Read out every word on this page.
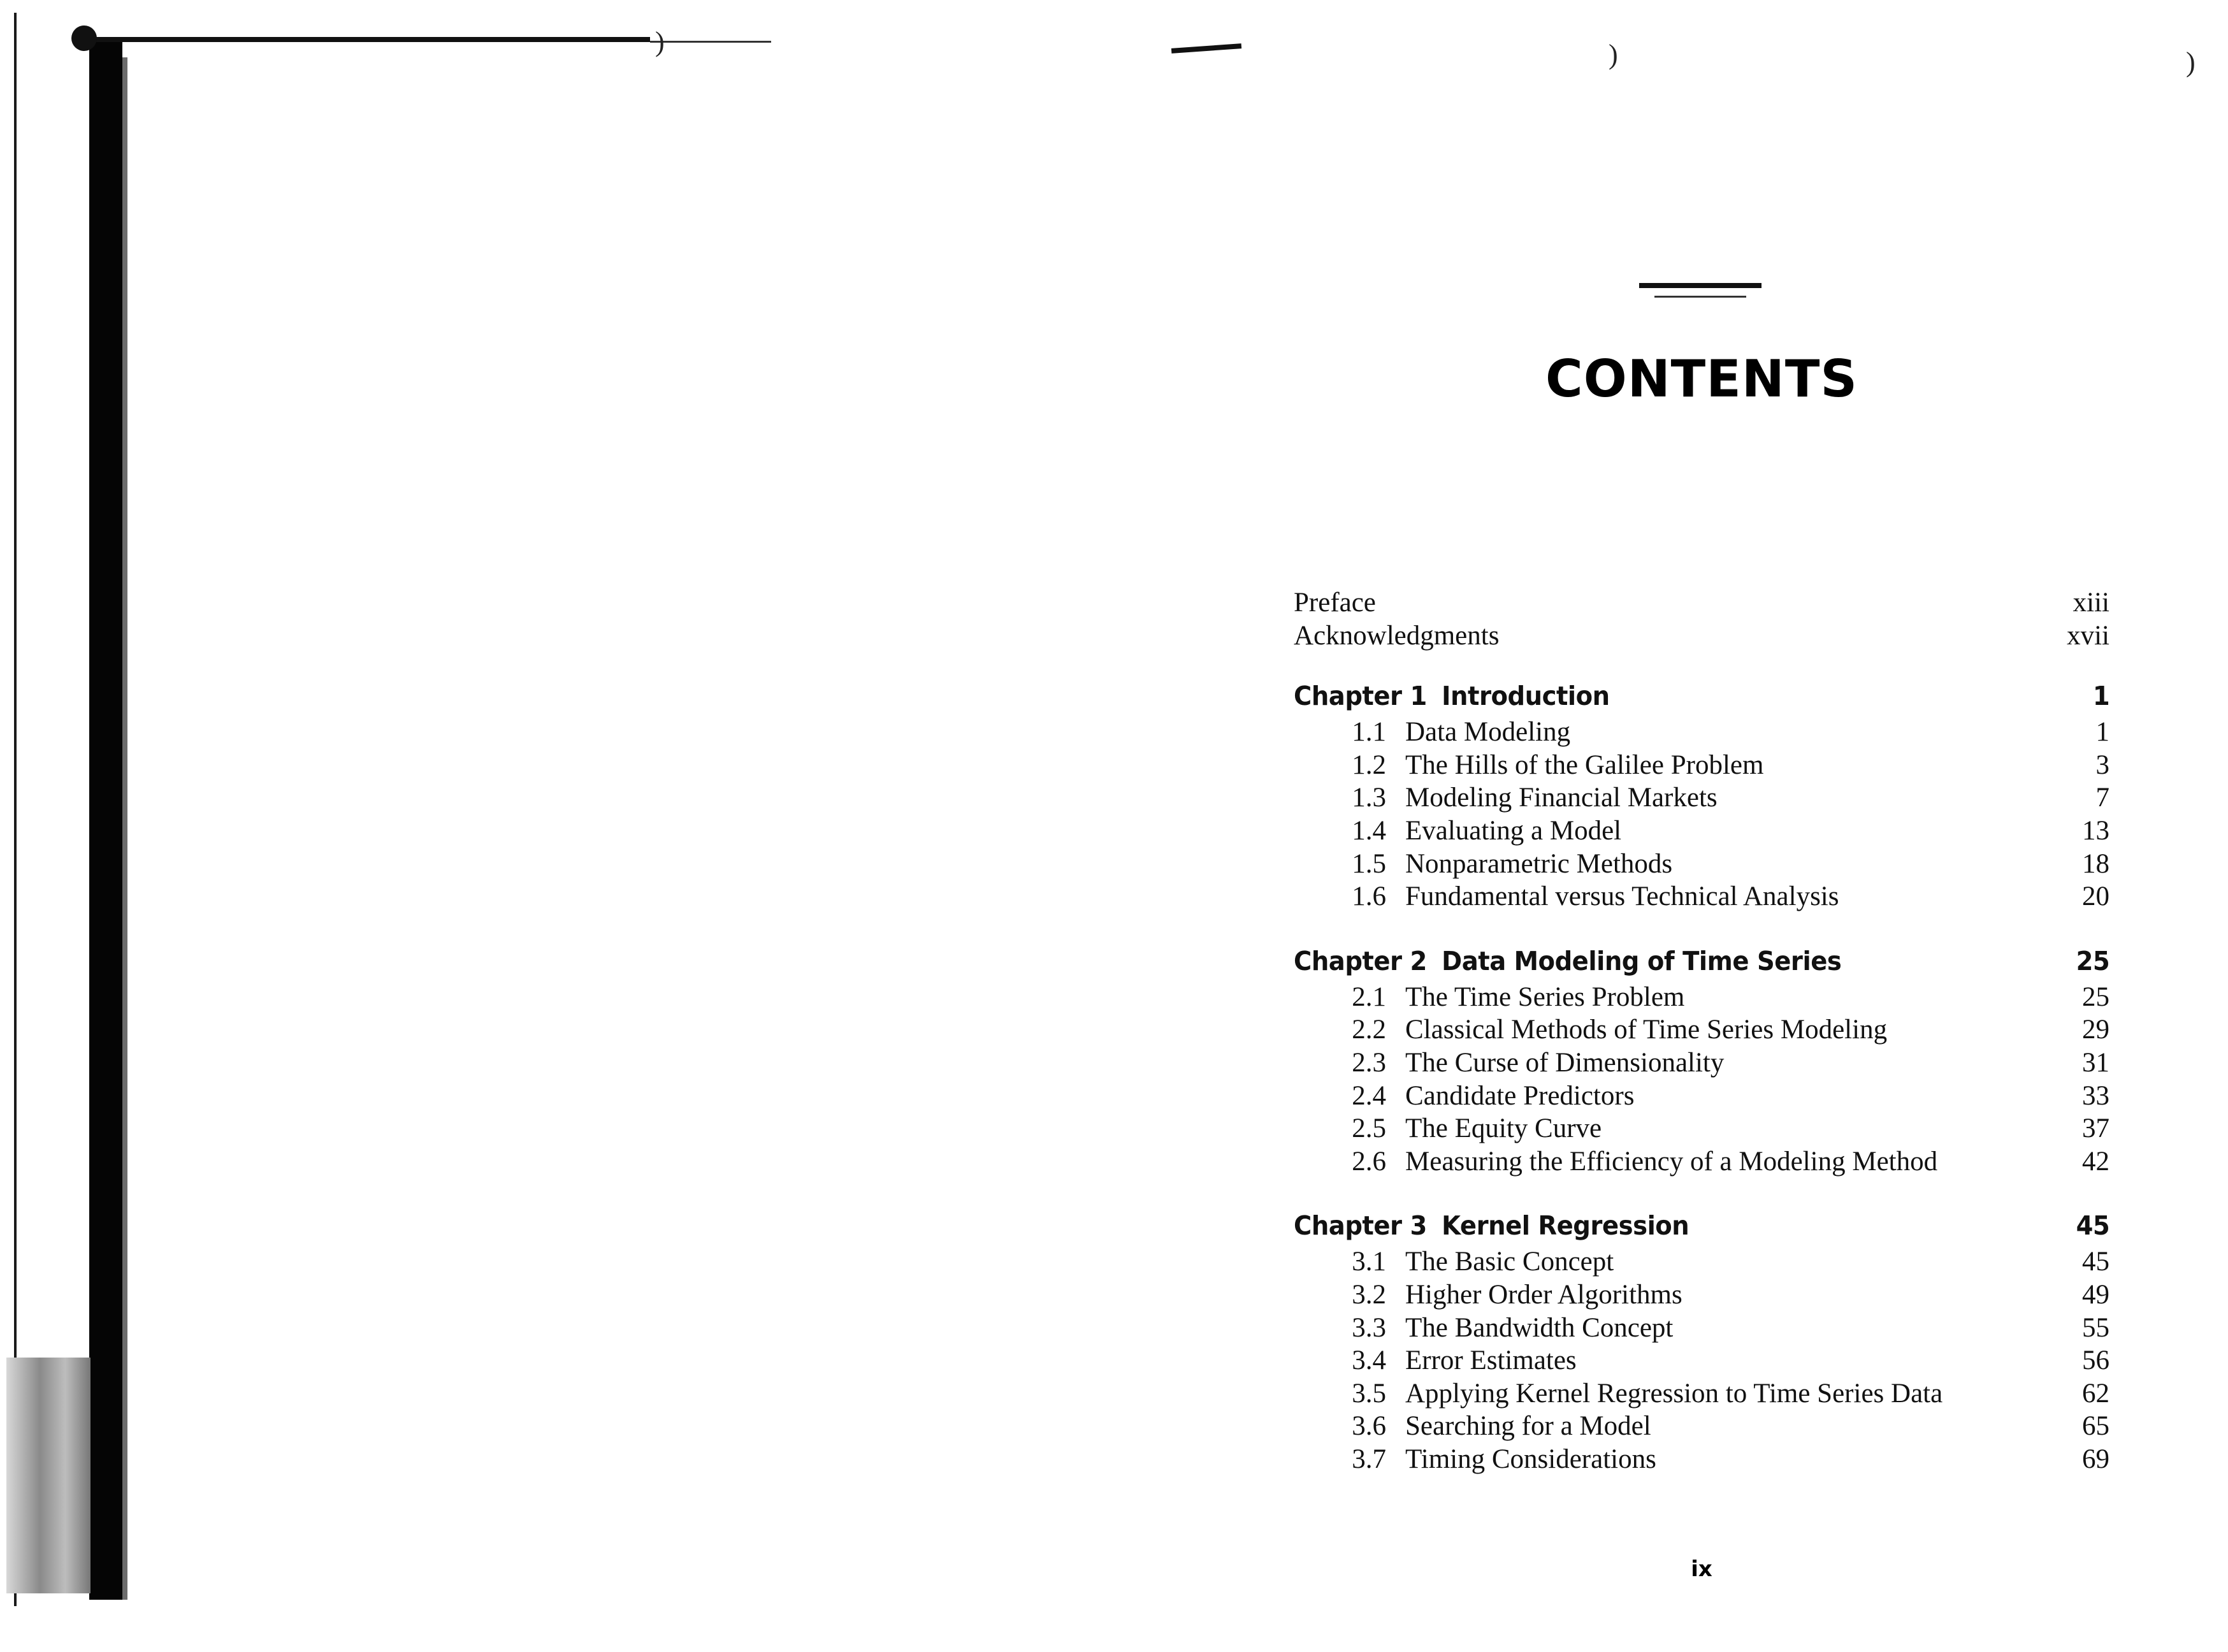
)	)	)
CONTENTS
Preface	xiii
Acknowledgments	xvii
Chapter 1 Introduction	1
1.1 Data Modeling	1
1.2 The Hills of the Galilee Problem	3
1.3 Modeling Financial Markets	7
1.4 Evaluating a Model	13
1.5 Nonparametric Methods	18
1.6 Fundamental versus Technical Analysis	20
Chapter 2 Data Modeling of Time Series	25
2.1 The Time Series Problem	25
2.2 Classical Methods of Time Series Modeling	29
2.3 The Curse of Dimensionality	31
2.4 Candidate Predictors	33
2.5 The Equity Curve	37
2.6 Measuring the Efficiency of a Modeling Method	42
Chapter 3 Kernel Regression	45
3.1 The Basic Concept	45
3.2 Higher Order Algorithms	49
3.3 The Bandwidth Concept	55
3.4 Error Estimates	56
3.5 Applying Kernel Regression to Time Series Data	62
3.6 Searching for a Model	65
3.7 Timing Considerations	69
ix
